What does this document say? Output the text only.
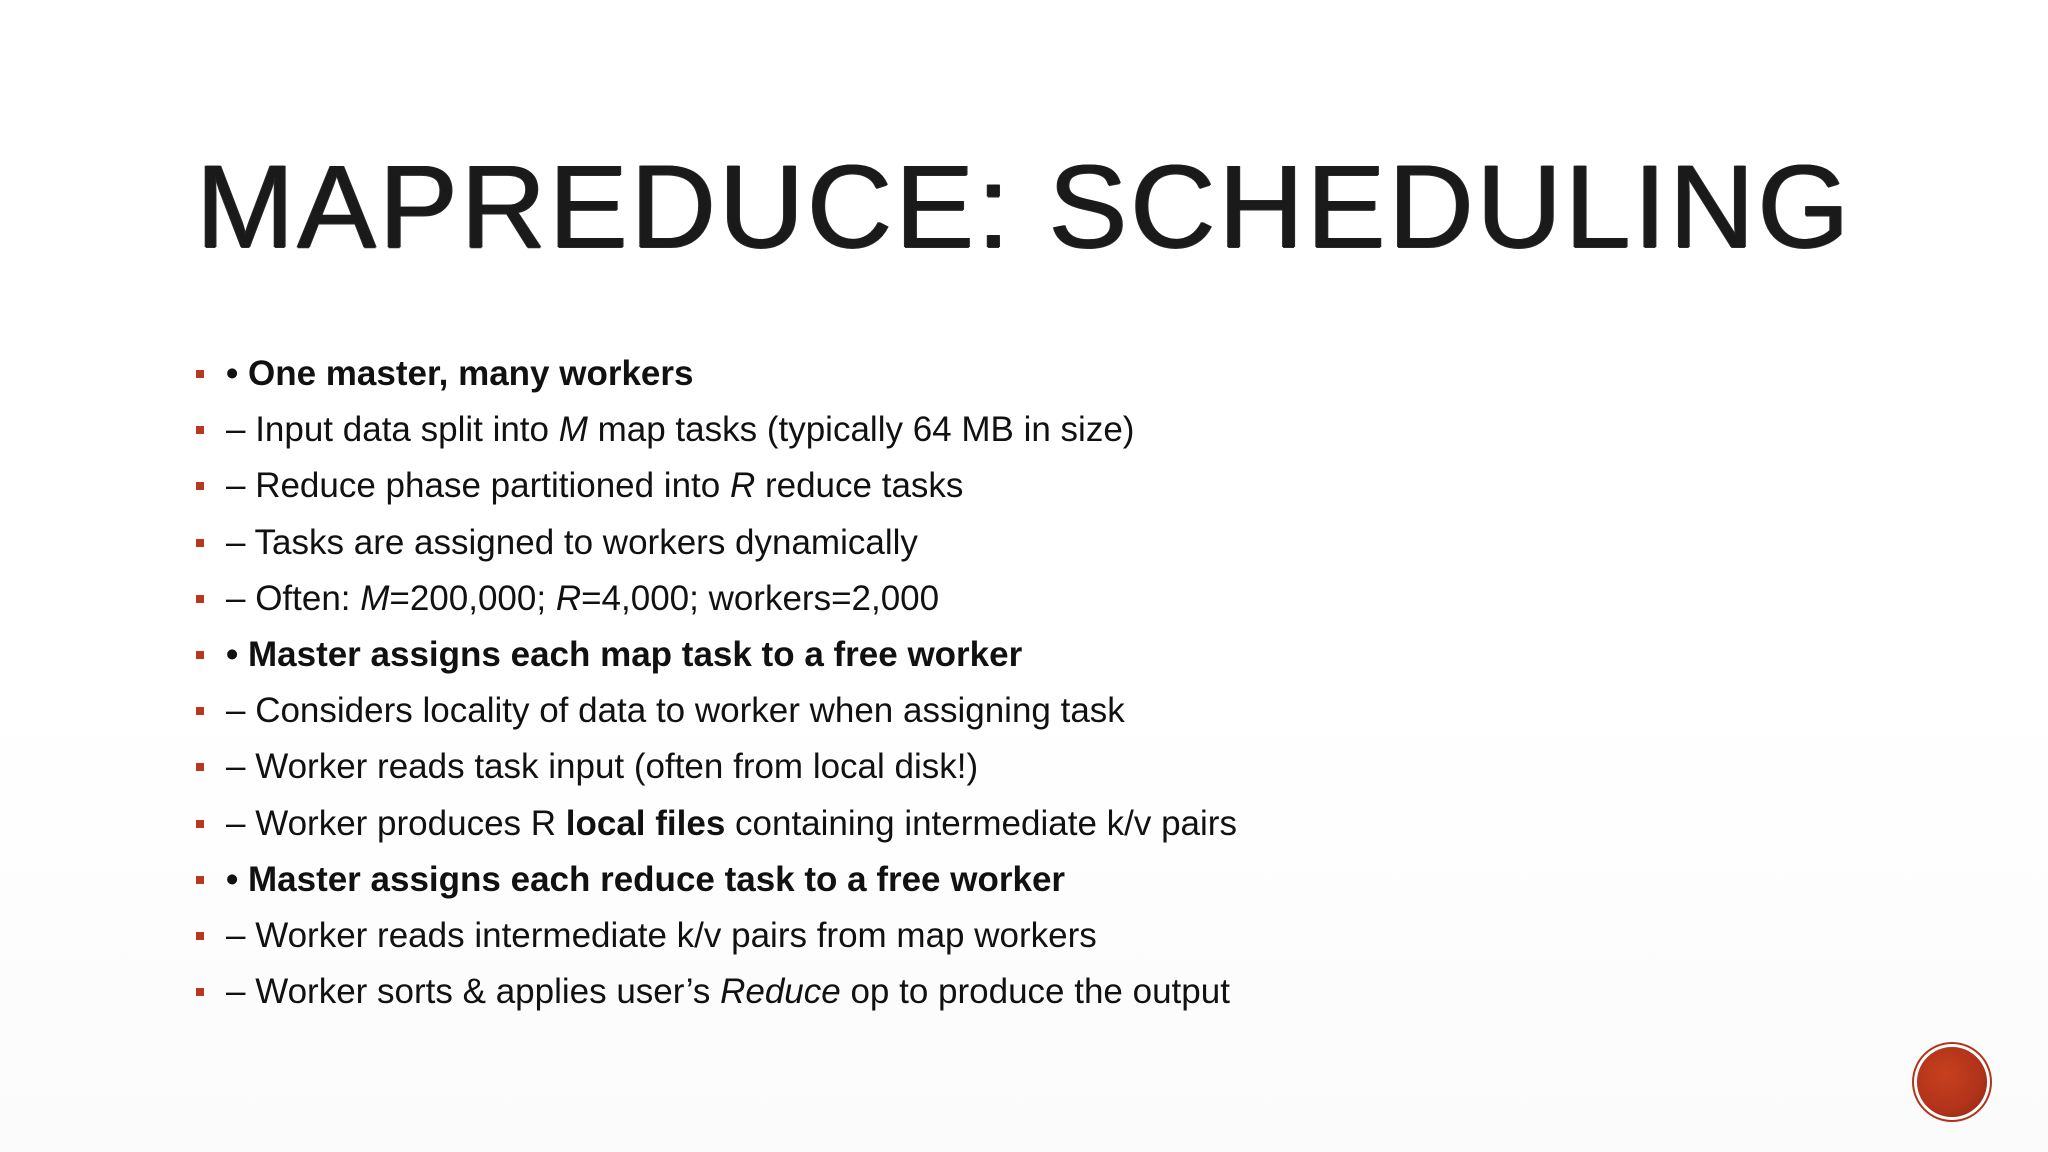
MAPREDUCE: SCHEDULING
• One master, many workers
– Input data split into M map tasks (typically 64 MB in size)
– Reduce phase partitioned into R reduce tasks
– Tasks are assigned to workers dynamically
– Often: M=200,000; R=4,000; workers=2,000
• Master assigns each map task to a free worker
– Considers locality of data to worker when assigning task
– Worker reads task input (often from local disk!)
– Worker produces R local files containing intermediate k/v pairs
• Master assigns each reduce task to a free worker
– Worker reads intermediate k/v pairs from map workers
– Worker sorts & applies user’s Reduce op to produce the output
